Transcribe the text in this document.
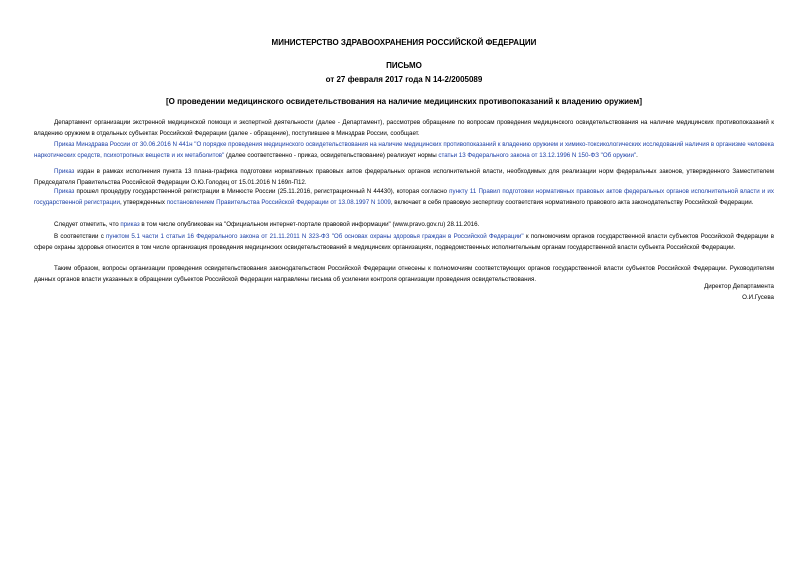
МИНИСТЕРСТВО ЗДРАВООХРАНЕНИЯ РОССИЙСКОЙ ФЕДЕРАЦИИ
ПИСЬМО
от 27 февраля 2017 года N 14-2/2005089
[О проведении медицинского освидетельствования на наличие медицинских противопоказаний к владению оружием]

Департамент организации экстренной медицинской помощи и экспертной деятельности (далее - Департамент), рассмотрев обращение по вопросам проведения медицинского освидетельствования на наличие медицинских противопоказаний к владению оружием в отдельных субъектах Российской Федерации (далее - обращение), поступившее в Минздрав России, сообщает.

Приказ Минздрава России от 30.06.2016 N 441н "О порядке проведения медицинского освидетельствования на наличие медицинских противопоказаний к владению оружием и химико-токсикологических исследований наличия в организме человека наркотических средств, психотропных веществ и их метаболитов" (далее соответственно - приказ, освидетельствование) реализует нормы статьи 13 Федерального закона от 13.12.1996 N 150-ФЗ "Об оружии".

Приказ издан в рамках исполнения пункта 13 плана-графика подготовки нормативных правовых актов федеральных органов исполнительной власти, необходимых для реализации норм федеральных законов, утвержденного Заместителем Председателя Правительства Российской Федерации О.Ю.Голодец от 15.01.2016 N 169п-П12.

Приказ прошел процедуру государственной регистрации в Минюсте России (25.11.2016, регистрационный N 44430), которая согласно пункту 11 Правил подготовки нормативных правовых актов федеральных органов исполнительной власти и их государственной регистрации, утвержденных постановлением Правительства Российской Федерации от 13.08.1997 N 1009, включает в себя правовую экспертизу соответствия нормативного правового акта законодательству Российской Федерации.

Следует отметить, что приказ в том числе опубликован на "Официальном интернет-портале правовой информации" (www.pravo.gov.ru) 28.11.2016.

В соответствии с пунктом 5.1 части 1 статьи 16 Федерального закона от 21.11.2011 N 323-ФЗ "Об основах охраны здоровья граждан в Российской Федерации" к полномочиям органов государственной власти субъектов Российской Федерации в сфере охраны здоровья относится в том числе организация проведения медицинских освидетельствований в медицинских организациях, подведомственных исполнительным органам государственной власти субъекта Российской Федерации.

Таким образом, вопросы организации проведения освидетельствования законодательством Российской Федерации отнесены к полномочиям соответствующих органов государственной власти субъектов Российской Федерации. Руководителям данных органов власти указанных в обращении субъектов Российской Федерации направлены письма об усилении контроля организации проведения освидетельствования.

Директор Департамента
О.И.Гусева
